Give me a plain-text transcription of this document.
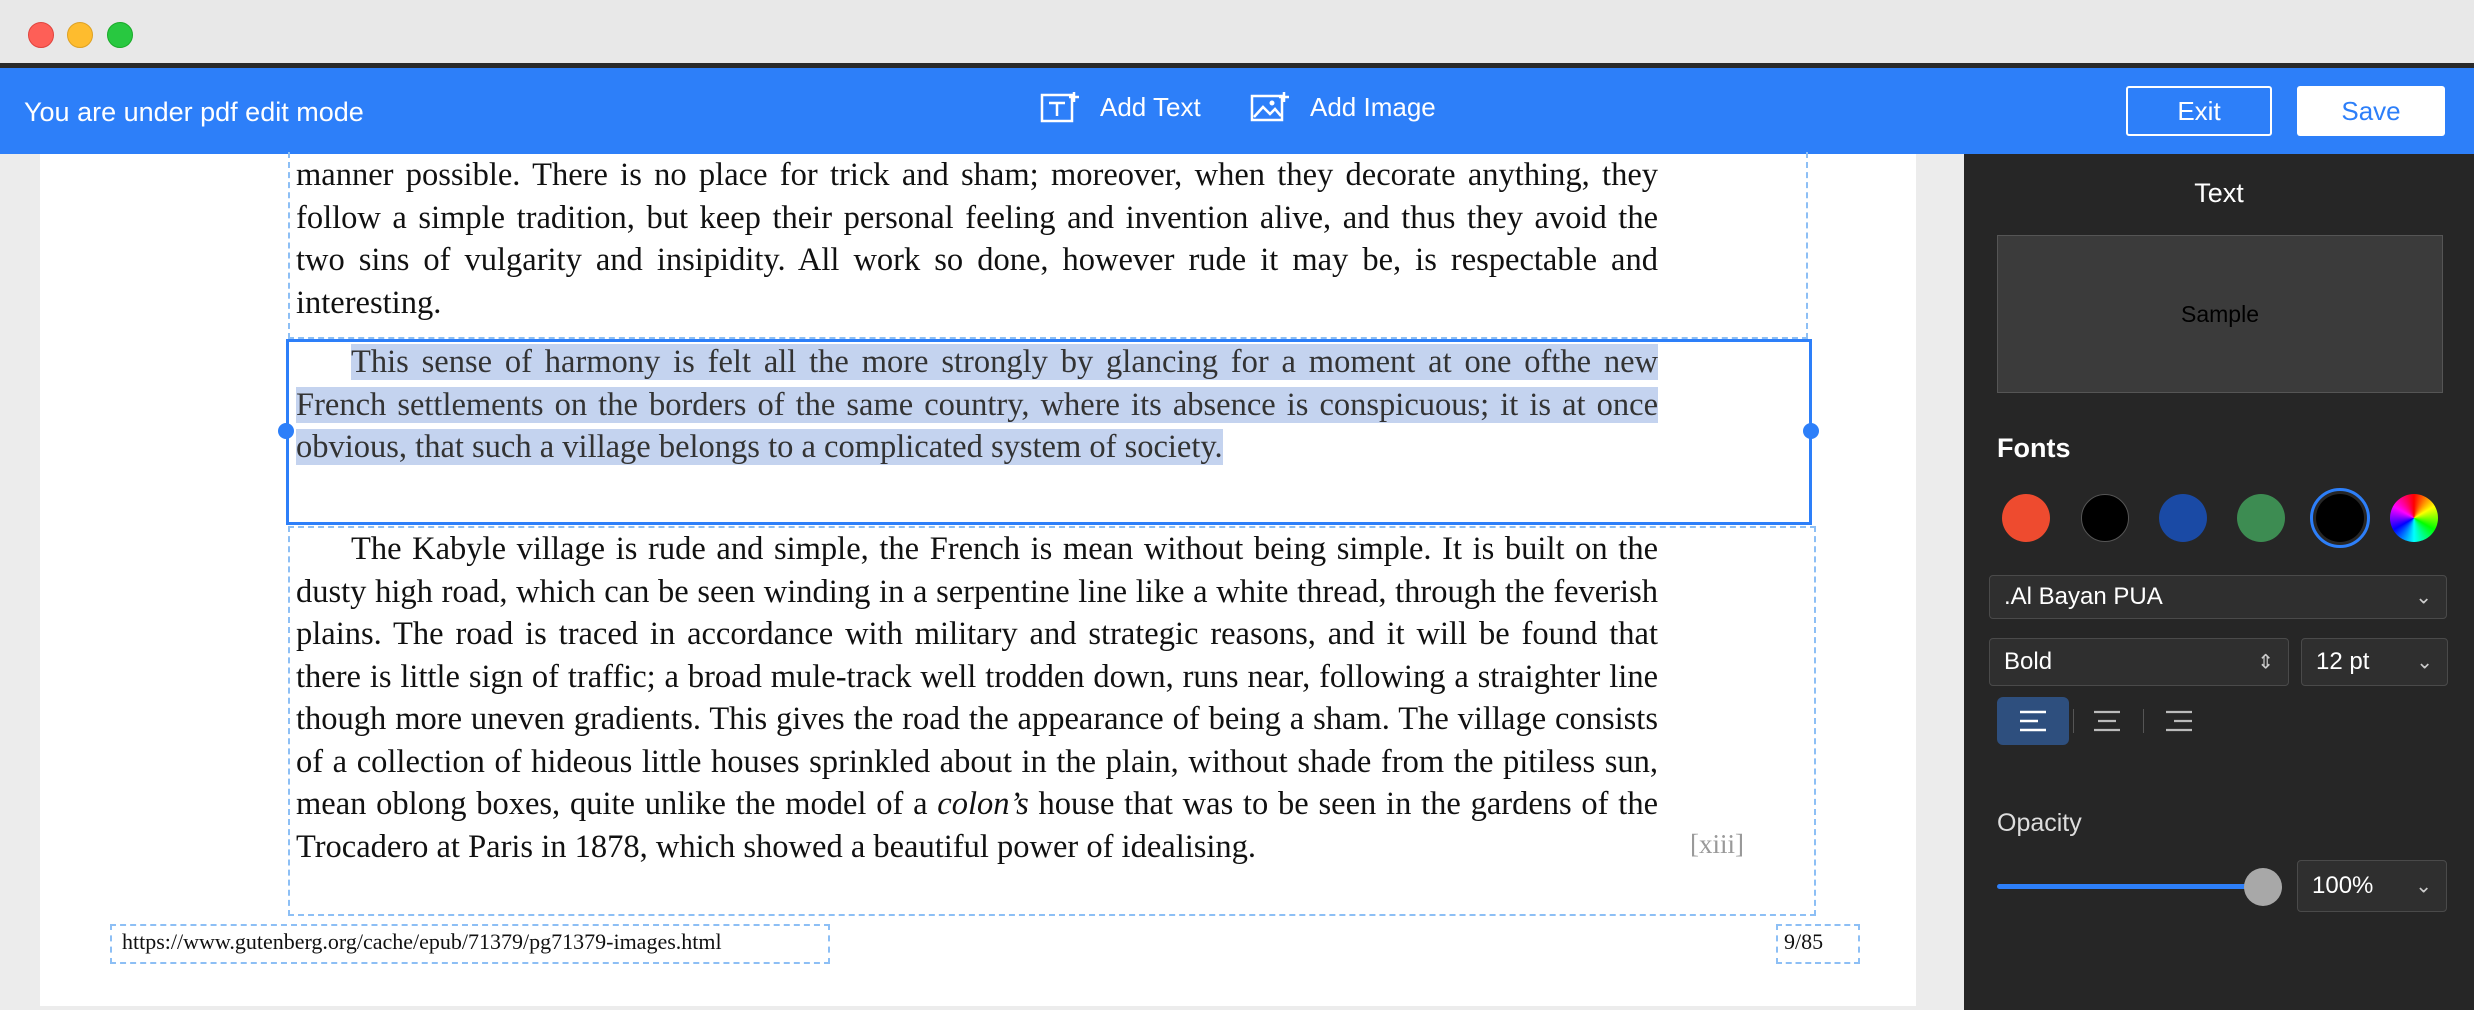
You are under pdf edit mode	Add Text	Add Image	Exit	Save
manner possible. There is no place for trick and sham; moreover, when they decorate anything, they follow a simple tradition, but keep their personal feeling and invention alive, and thus they avoid the two sins of vulgarity and insipidity. All work so done, however rude it may be, is respectable and interesting.
This sense of harmony is felt all the more strongly by glancing for a moment at one ofthe new French settlements on the borders of the same country, where its absence is conspicuous; it is at once obvious, that such a village belongs to a complicated system of society.
The Kabyle village is rude and simple, the French is mean without being simple. It is built on the dusty high road, which can be seen winding in a serpentine line like a white thread, through the feverish plains. The road is traced in accordance with military and strategic reasons, and it will be found that there is little sign of traffic; a broad mule-track well trodden down, runs near, following a straighter line though more uneven gradients. This gives the road the appearance of being a sham. The village consists of a collection of hideous little houses sprinkled about in the plain, without shade from the pitiless sun, mean oblong boxes, quite unlike the model of a colon’s house that was to be seen in the gardens of the Trocadero at Paris in 1878, which showed a beautiful power of idealising.	[xiii]
https://www.gutenberg.org/cache/epub/71379/pg71379-images.html	9/85
Text
Sample
Fonts
.Al Bayan PUA	⌄
Bold	⇕ 12 pt ⌄
Opacity
100% ⌄
